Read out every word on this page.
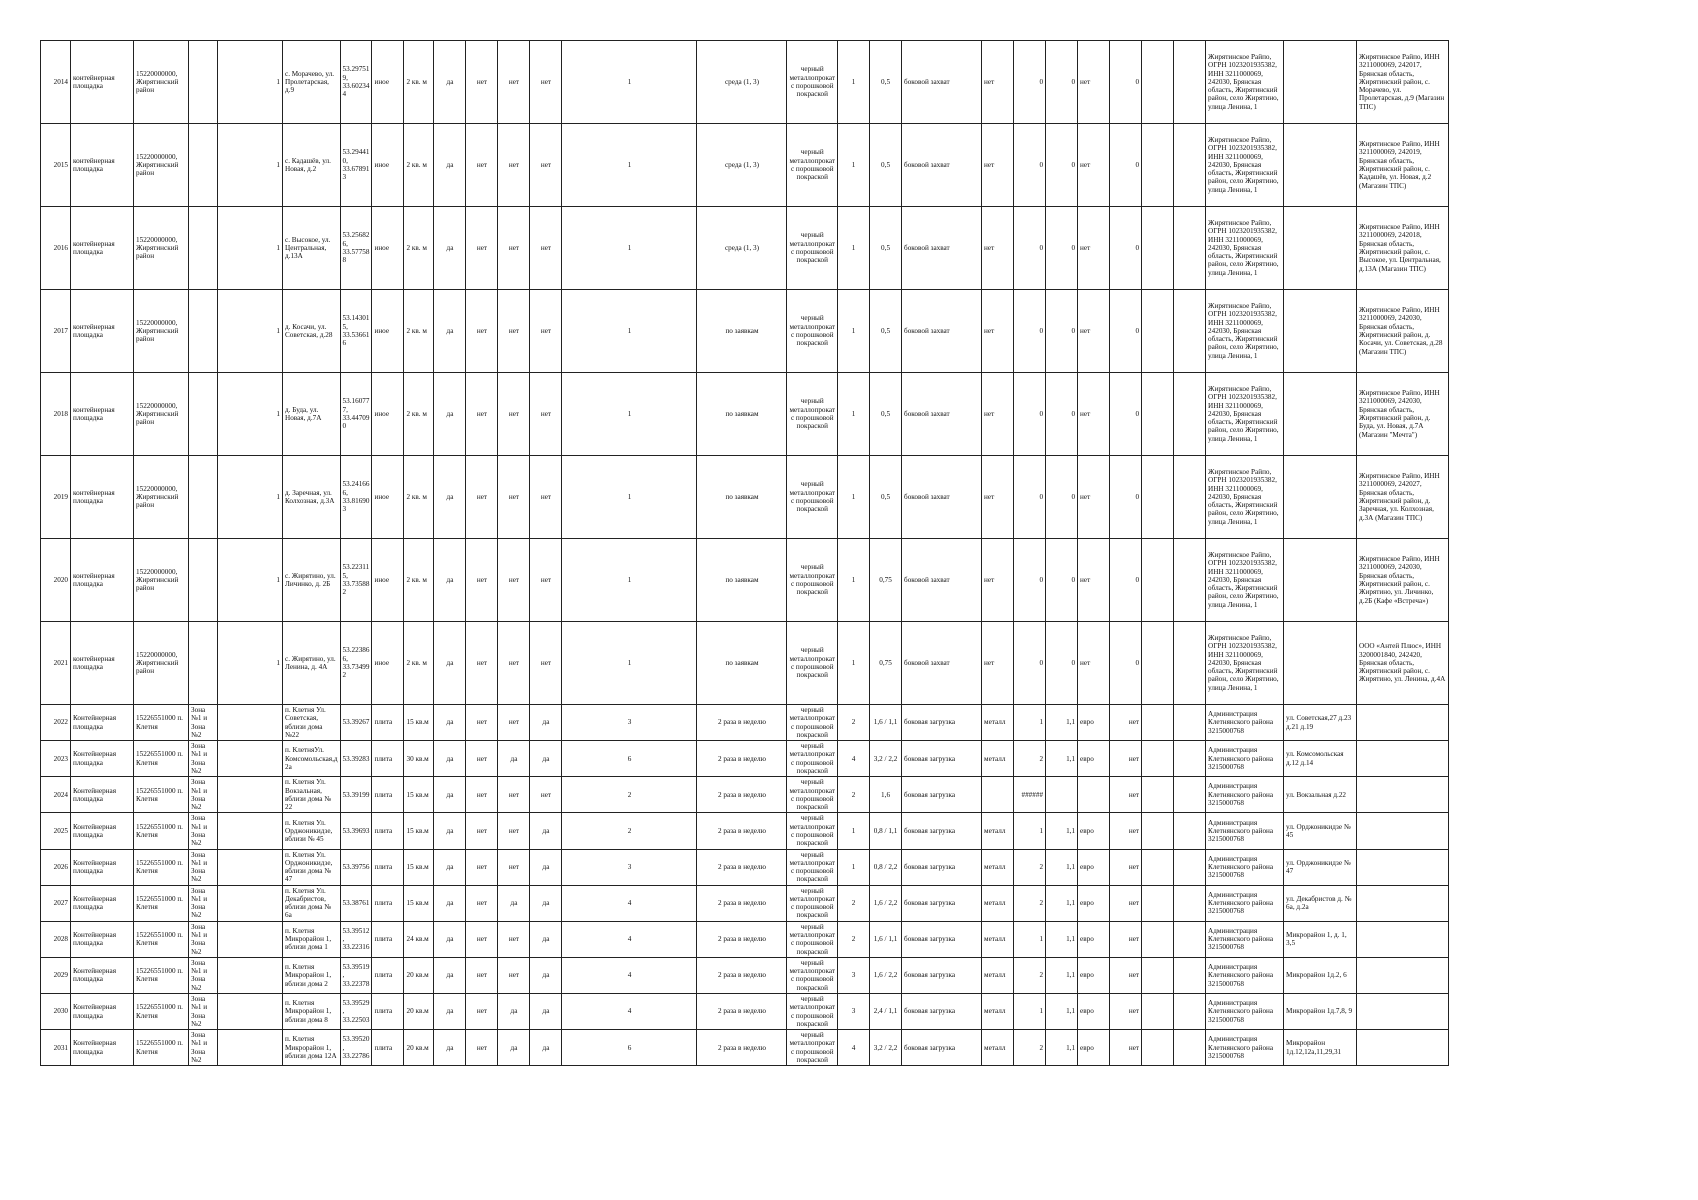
2014	контейнерная площадка	15220000000, Жирятинский район		1	с. Морачево, ул. Пролетарская, д.9	53.29751 9, 33.60234 4	иное	2 кв. м	да	нет	нет	нет	1	среда (1, 3)	черный металлопрокат с порошковой покраской	1	0,5	боковой захват	нет	0	0	нет	0			Жирятинское Райпо, ОГРН 1023201935382, ИНН 3211000069, 242030, Брянская область, Жирятинский район, село Жирятино, улица Ленина, 1		Жирятинское Райпо, ИНН 3211000069, 242017, Брянская область, Жирятинский район, с. Морачево, ул. Пролетарская, д.9 (Магазин ТПС)
2015	контейнерная площадка	15220000000, Жирятинский район		1	с. Кадашёв, ул. Новая, д.2	53.29441 0, 33.67891 3	иное	2 кв. м	да	нет	нет	нет	1	среда (1, 3)	черный металлопрокат с порошковой покраской	1	0,5	боковой захват	нет	0	0	нет	0			Жирятинское Райпо, ОГРН 1023201935382, ИНН 3211000069, 242030, Брянская область, Жирятинский район, село Жирятино, улица Ленина, 1		Жирятинское Райпо, ИНН 3211000069, 242019, Брянская область, Жирятинский район, с. Кадашёв, ул. Новая, д.2 (Магазин ТПС)
2016	контейнерная площадка	15220000000, Жирятинский район		1	с. Высокое, ул. Центральная, д.13А	53.25682 6, 33.57758 8	иное	2 кв. м	да	нет	нет	нет	1	среда (1, 3)	черный металлопрокат с порошковой покраской	1	0,5	боковой захват	нет	0	0	нет	0			Жирятинское Райпо, ОГРН 1023201935382, ИНН 3211000069, 242030, Брянская область, Жирятинский район, село Жирятино, улица Ленина, 1		Жирятинское Райпо, ИНН 3211000069, 242018, Брянская область, Жирятинский район, с. Высокое, ул. Центральная, д.13А (Магазин ТПС)
2017	контейнерная площадка	15220000000, Жирятинский район		1	д. Косачи, ул. Советская, д.28	53.14301 5, 33.53661 6	иное	2 кв. м	да	нет	нет	нет	1	по заявкам	черный металлопрокат с порошковой покраской	1	0,5	боковой захват	нет	0	0	нет	0			Жирятинское Райпо, ОГРН 1023201935382, ИНН 3211000069, 242030, Брянская область, Жирятинский район, село Жирятино, улица Ленина, 1		Жирятинское Райпо, ИНН 3211000069, 242030, Брянская область, Жирятинский район, д. Косачи, ул. Советская, д.28 (Магазин ТПС)
2018	контейнерная площадка	15220000000, Жирятинский район		1	д. Буда, ул. Новая, д.7А	53.16077 7, 33.44709 0	иное	2 кв. м	да	нет	нет	нет	1	по заявкам	черный металлопрокат с порошковой покраской	1	0,5	боковой захват	нет	0	0	нет	0			Жирятинское Райпо, ОГРН 1023201935382, ИНН 3211000069, 242030, Брянская область, Жирятинский район, село Жирятино, улица Ленина, 1		Жирятинское Райпо, ИНН 3211000069, 242030, Брянская область, Жирятинский район, д. Буда, ул. Новая, д.7А (Магазин "Мечта")
2019	контейнерная площадка	15220000000, Жирятинский район		1	д. Заречная, ул. Колхозная, д.3А	53.24166 6, 33.81690 3	иное	2 кв. м	да	нет	нет	нет	1	по заявкам	черный металлопрокат с порошковой покраской	1	0,5	боковой захват	нет	0	0	нет	0			Жирятинское Райпо, ОГРН 1023201935382, ИНН 3211000069, 242030, Брянская область, Жирятинский район, село Жирятино, улица Ленина, 1		Жирятинское Райпо, ИНН 3211000069, 242027, Брянская область, Жирятинский район, д. Заречная, ул. Колхозная, д.3А (Магазин ТПС)
2020	контейнерная площадка	15220000000, Жирятинский район		1	с. Жирятино, ул. Личинко, д. 2Б	53.22311 5, 33.73588 2	иное	2 кв. м	да	нет	нет	нет	1	по заявкам	черный металлопрокат с порошковой покраской	1	0,75	боковой захват	нет	0	0	нет	0			Жирятинское Райпо, ОГРН 1023201935382, ИНН 3211000069, 242030, Брянская область, Жирятинский район, село Жирятино, улица Ленина, 1		Жирятинское Райпо, ИНН 3211000069, 242030, Брянская область, Жирятинский район, с. Жирятино, ул. Личинко, д.2Б (Кафе «Встреча»)
2021	контейнерная площадка	15220000000, Жирятинский район		1	с. Жирятино, ул. Ленина, д. 4А	53.22386 6, 33.73499 2	иное	2 кв. м	да	нет	нет	нет	1	по заявкам	черный металлопрокат с порошковой покраской	1	0,75	боковой захват	нет	0	0	нет	0			Жирятинское Райпо, ОГРН 1023201935382, ИНН 3211000069, 242030, Брянская область, Жирятинский район, село Жирятино, улица Ленина, 1		ООО «Антей Плюс», ИНН 3200001840, 242420, Брянская область, Жирятинский район, с. Жирятино, ул. Ленина, д.4А
2022	Контейнерная площадка	15226551000 п. Клетня	Зона №1 и Зона №2		п. Клетня Ул. Советская, вблизи дома №22	53.39267	плита	15 кв.м	да	нет	нет	да	3	2 раза в неделю	черный металлопрокат с порошковой покраской	2	1,6 / 1,1	боковая загрузка	металл	1	1,1	евро	нет			Администрация Клетнянского района 3215000768	ул. Советская,27 д.23 д.21 д.19	
2023	Контейнерная площадка	15226551000 п. Клетня	Зона №1 и Зона №2		п. КлетняУл. Комсомольская,д 2а	53.39283	плита	30 кв.м	да	нет	да	да	6	2 раза в неделю	черный металлопрокат с порошковой покраской	4	3,2 / 2,2	боковая загрузка	металл	2	1,1	евро	нет			Администрация Клетнянского района 3215000768	ул. Комсомольская д.12 д.14	
2024	Контейнерная площадка	15226551000 п. Клетня	Зона №1 и Зона №2		п. Клетня Ул. Вокзальная, вблизи дома № 22	53.39199	плита	15 кв.м	да	нет	нет	нет	2	2 раза в неделю	черный металлопрокат с порошковой покраской	2	1,6	боковая загрузка		######			нет			Администрация Клетнянского района 3215000768	ул. Вокзальная д.22	
2025	Контейнерная площадка	15226551000 п. Клетня	Зона №1 и Зона №2		п. Клетня Ул. Орджоникидзе, вблизи № 45	53.39693	плита	15 кв.м	да	нет	нет	да	2	2 раза в неделю	черный металлопрокат с порошковой покраской	1	0,8 / 1,1	боковая загрузка	металл	1	1,1	евро	нет			Администрация Клетнянского района 3215000768	ул. Орджоникидзе № 45	
2026	Контейнерная площадка	15226551000 п. Клетня	Зона №1 и Зона №2		п. Клетня Ул. Орджоникидзе, вблизи дома № 47	53.39756	плита	15 кв.м	да	нет	нет	да	3	2 раза в неделю	черный металлопрокат с порошковой покраской	1	0,8 / 2,2	боковая загрузка	металл	2	1,1	евро	нет			Администрация Клетнянского района 3215000768	ул. Орджоникидзе № 47	
2027	Контейнерная площадка	15226551000 п. Клетня	Зона №1 и Зона №2		п. Клетня Ул. Декабристов, вблизи дома № 6а	53.38761	плита	15 кв.м	да	нет	да	да	4	2 раза в неделю	черный металлопрокат с порошковой покраской	2	1,6 / 2,2	боковая загрузка	металл	2	1,1	евро	нет			Администрация Клетнянского района 3215000768	ул. Декабристов д. № 6а, д.2а	
2028	Контейнерная площадка	15226551000 п. Клетня	Зона №1 и Зона №2		п. Клетня Микрорайон 1, вблизи дома 1	53.39512 , 33.22316	плита	24 кв.м	да	нет	нет	да	4	2 раза в неделю	черный металлопрокат с порошковой покраской	2	1,6 / 1,1	боковая загрузка	металл	1	1,1	евро	нет			Администрация Клетнянского района 3215000768	Микрорайон 1, д. 1, 3,5	
2029	Контейнерная площадка	15226551000 п. Клетня	Зона №1 и Зона №2		п. Клетня Микрорайон 1, вблизи дома 2	53.39519 , 33.22378	плита	20 кв.м	да	нет	нет	да	4	2 раза в неделю	черный металлопрокат с порошковой покраской	3	1,6 / 2,2	боковая загрузка	металл	2	1,1	евро	нет			Администрация Клетнянского района 3215000768	Микрорайон 1д.2, 6	
2030	Контейнерная площадка	15226551000 п. Клетня	Зона №1 и Зона №2		п. Клетня Микрорайон 1, вблизи дома 8	53.39529 , 33.22503	плита	20 кв.м	да	нет	да	да	4	2 раза в неделю	черный металлопрокат с порошковой покраской	3	2,4 / 1,1	боковая загрузка	металл	1	1,1	евро	нет			Администрация Клетнянского района 3215000768	Микрорайон 1д.7,8, 9	
2031	Контейнерная площадка	15226551000 п. Клетня	Зона №1 и Зона №2		п. Клетня Микрорайон 1, вблизи дома 12А	53.39520 , 33.22786	плита	20 кв.м	да	нет	да	да	6	2 раза в неделю	черный металлопрокат с порошковой покраской	4	3,2 / 2,2	боковая загрузка	металл	2	1,1	евро	нет			Администрация Клетнянского района 3215000768	Микрорайон 1д.12,12а,11,29,31	
